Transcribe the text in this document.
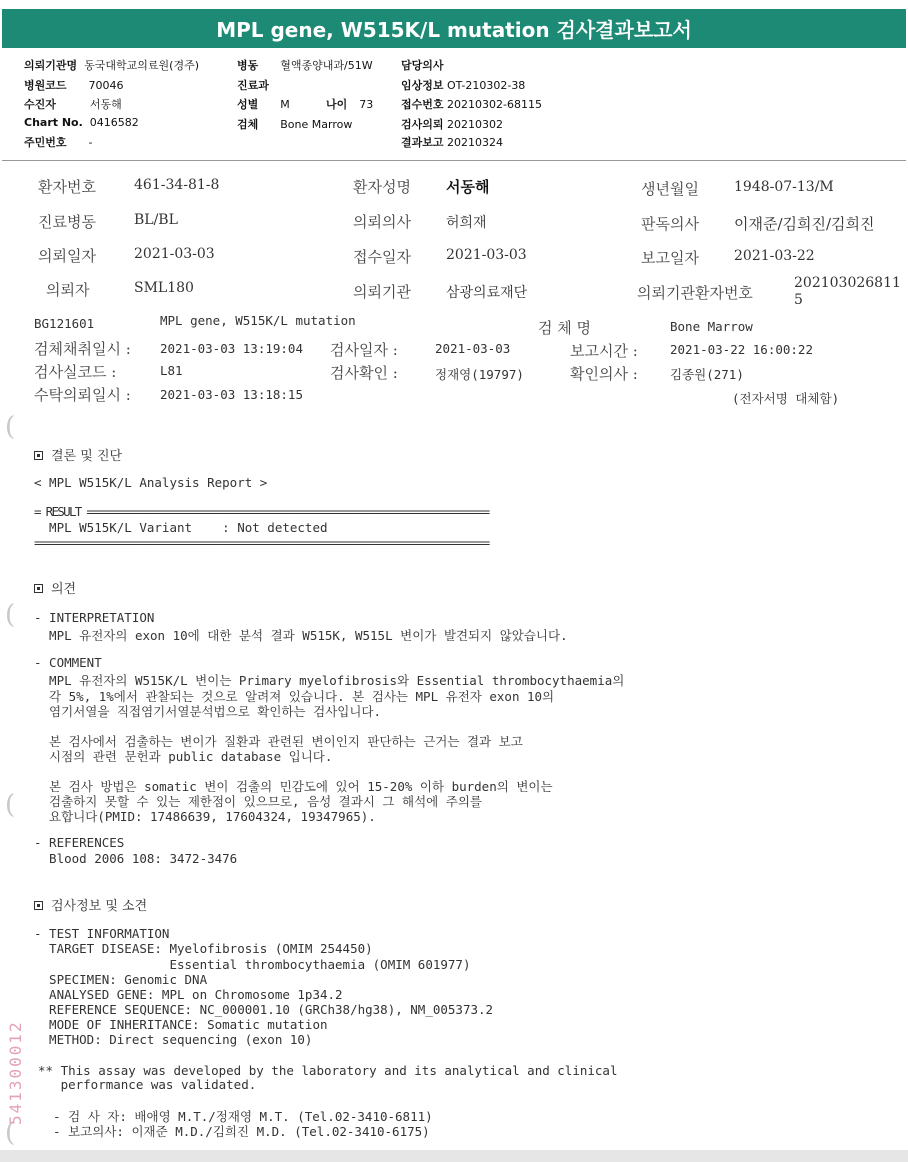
MPL gene, W515K/L mutation 검사결과보고서
의뢰기관명 동국대학교의료원(경주)
병원코드 70046
수진자	서동해
Chart No. 0416582
주민번호 -
병동 혈액종양내과/51W
진료과
성별 M	나이 73
검체 Bone Marrow
담당의사
임상정보 OT-210302-38
접수번호 20210302-68115
검사의뢰 20210302
결과보고 20210324
환자번호	461-34-81-8	환자성명 서동해	생년월일	1948-07-13/M
진료병동	BL/BL	의뢰의사	허희재	판독의사 이재준/김희진/김희진
의뢰일자	2021-03-03	접수일자	2021-03-03	보고일자	2021-03-22
의뢰자	SML180	의뢰기관	삼광의료재단	의뢰기관환자번호
202103026811
5
BG121601	MPL gene, W515K/L mutation	검 체 명	Bone Marrow
검체채취일시 : 2021-03-03 13:19:04 검사일자 :	2021-03-03	보고시간 :	2021-03-22 16:00:22
검사실코드 :	L81	검사확인 :	정재영(19797)	확인의사 :	김종원(271)
수탁의뢰일시 : 2021-03-03 13:18:15	(전자서명 대체함)
(
(
(
(
결론 및 진단
< MPL W515K/L Analysis Report >
= RESULT =====================================================================
MPL W515K/L Variant    : Not detected
==============================================================================
의견
- INTERPRETATION
MPL 유전자의 exon 10에 대한 분석 결과 W515K, W515L 변이가 발견되지 않았습니다.
- COMMENT
MPL 유전자의 W515K/L 변이는 Primary myelofibrosis와 Essential thrombocythaemia의
각 5%, 1%에서 관찰되는 것으로 알려져 있습니다. 본 검사는 MPL 유전자 exon 10의
염기서열을 직접염기서열분석법으로 확인하는 검사입니다.
본 검사에서 검출하는 변이가 질환과 관련된 변이인지 판단하는 근거는 결과 보고
시점의 관련 문헌과 public database 입니다.
본 검사 방법은 somatic 변이 검출의 민감도에 있어 15-20% 이하 burden의 변이는
검출하지 못할 수 있는 제한점이 있으므로, 음성 결과시 그 해석에 주의를
요합니다(PMID: 17486639, 17604324, 19347965).
- REFERENCES
Blood 2006 108: 3472-3476
검사정보 및 소견
- TEST INFORMATION
TARGET DISEASE: Myelofibrosis (OMIM 254450)
Essential thrombocythaemia (OMIM 601977)
SPECIMEN: Genomic DNA
ANALYSED GENE: MPL on Chromosome 1p34.2
REFERENCE SEQUENCE: NC_000001.10 (GRCh38/hg38), NM_005373.2
MODE OF INHERITANCE: Somatic mutation
METHOD: Direct sequencing (exon 10)
** This assay was developed by the laboratory and its analytical and clinical
performance was validated.
- 검 사 자: 배애영 M.T./정재영 M.T. (Tel.02-3410-6811)
- 보고의사: 이재준 M.D./김희진 M.D. (Tel.02-3410-6175)
541300012
